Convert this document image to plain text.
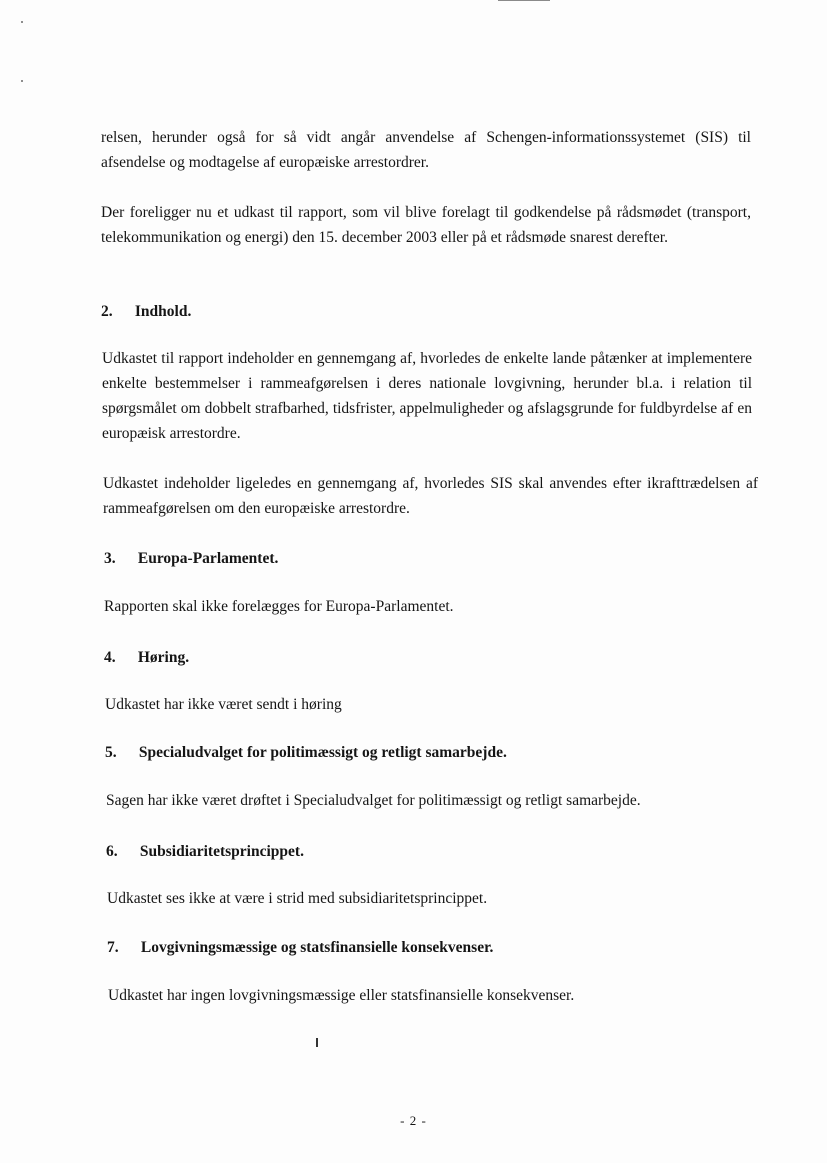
relsen, herunder også for så vidt angår anvendelse af Schengen-informationssystemet (SIS) til afsendelse og modtagelse af europæiske arrestordrer.

Der foreligger nu et udkast til rapport, som vil blive forelagt til godkendelse på rådsmødet (transport, telekommunikation og energi) den 15. december 2003 eller på et rådsmøde snarest derefter.

2. Indhold.

Udkastet til rapport indeholder en gennemgang af, hvorledes de enkelte lande påtænker at implementere enkelte bestemmelser i rammeafgørelsen i deres nationale lovgivning, herunder bl.a. i relation til spørgsmålet om dobbelt strafbarhed, tidsfrister, appelmuligheder og afslagsgrunde for fuldbyrdelse af en europæisk arrestordre.

Udkastet indeholder ligeledes en gennemgang af, hvorledes SIS skal anvendes efter ikrafttrædelsen af rammeafgørelsen om den europæiske arrestordre.

3. Europa-Parlamentet.
Rapporten skal ikke forelægges for Europa-Parlamentet.
4. Høring.
Udkastet har ikke været sendt i høring
5. Specialudvalget for politimæssigt og retligt samarbejde.
Sagen har ikke været drøftet i Specialudvalget for politimæssigt og retligt samarbejde.
6. Subsidiaritetsprincippet.
Udkastet ses ikke at være i strid med subsidiaritetsprincippet.
7. Lovgivningsmæssige og statsfinansielle konsekvenser.
Udkastet har ingen lovgivningsmæssige eller statsfinansielle konsekvenser.
- 2 -
